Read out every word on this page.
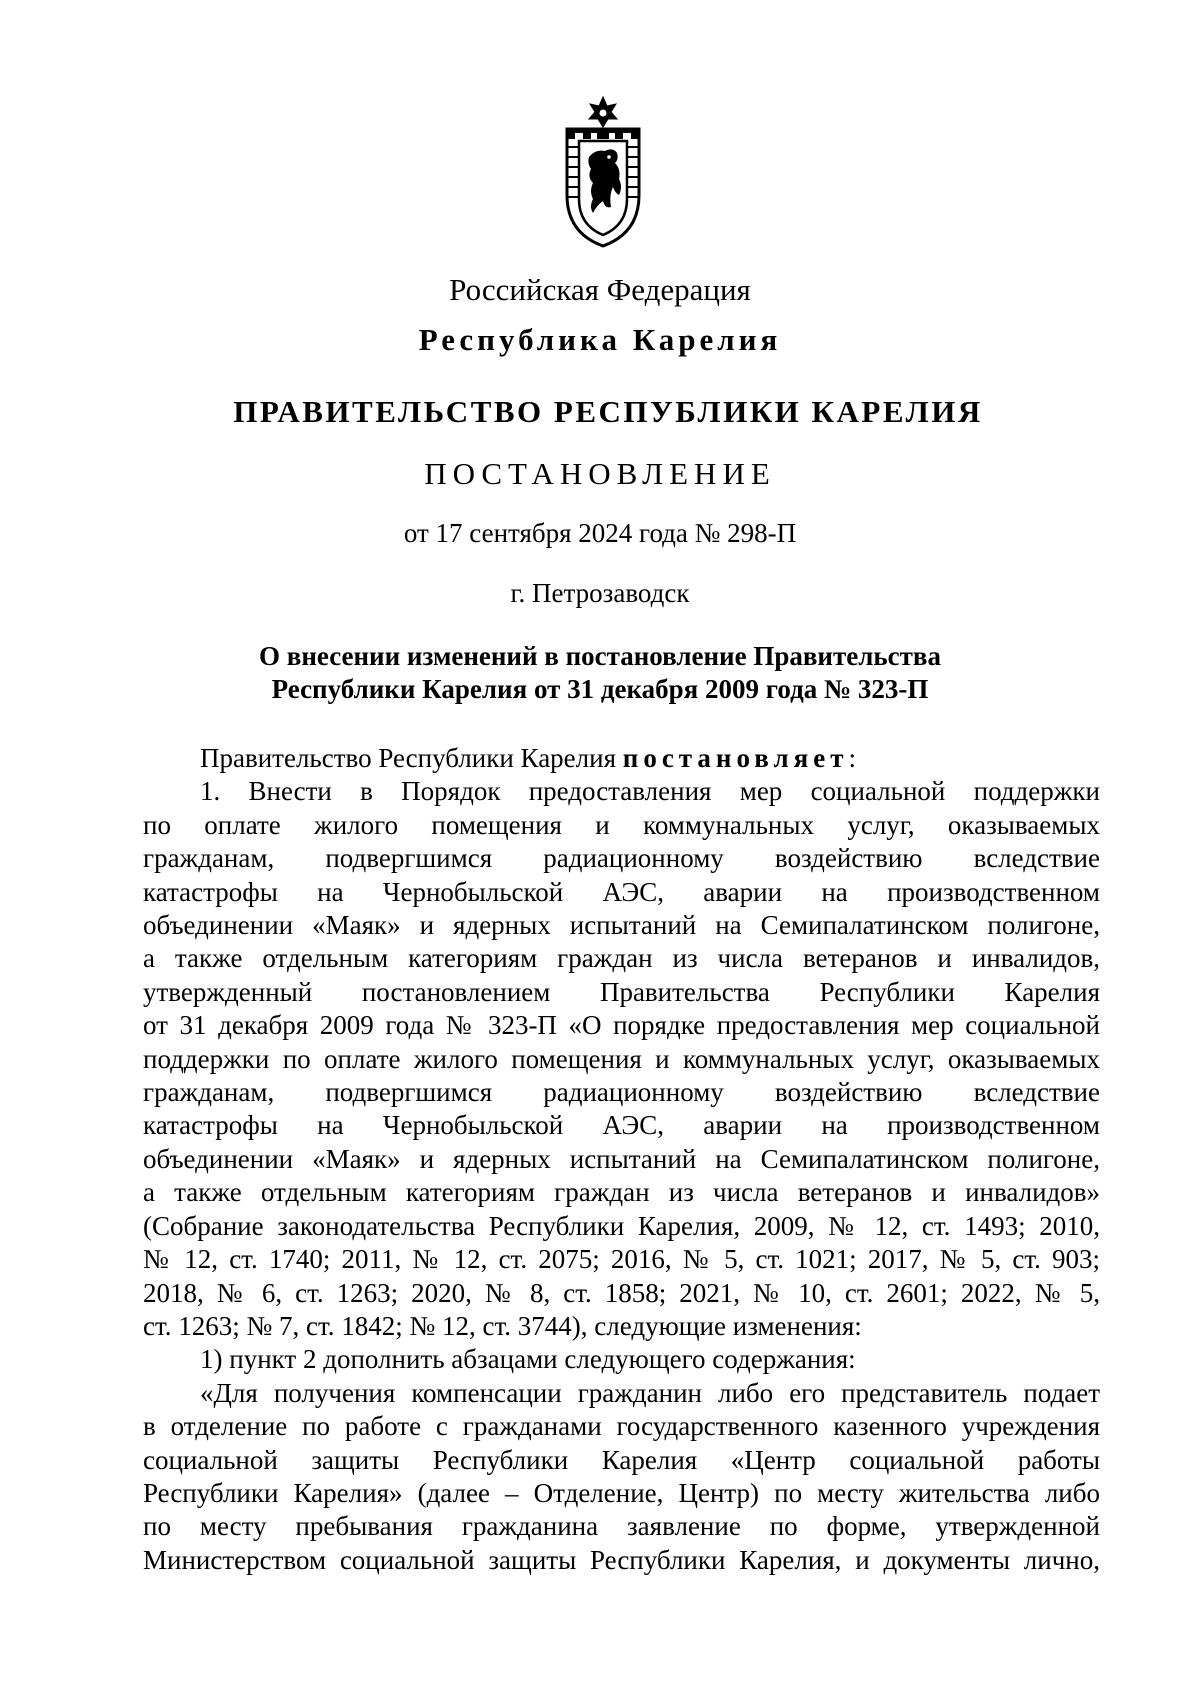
Российская Федерация
Республика Карелия
ПРАВИТЕЛЬСТВО РЕСПУБЛИКИ КАРЕЛИЯ
ПОСТАНОВЛЕНИЕ
от 17 сентября 2024 года № 298-П
г. Петрозаводск
О внесении изменений в постановление Правительства
Республики Карелия от 31 декабря 2009 года № 323-П
Правительство Республики Карелия постановляет:
1. Внести в Порядок предоставления мер социальной поддержки
по оплате жилого помещения и коммунальных услуг, оказываемых
гражданам, подвергшимся радиационному воздействию вследствие
катастрофы на Чернобыльской АЭС, аварии на производственном
объединении «Маяк» и ядерных испытаний на Семипалатинском полигоне,
а также отдельным категориям граждан из числа ветеранов и инвалидов,
утвержденный постановлением Правительства Республики Карелия
от 31 декабря 2009 года № 323-П «О порядке предоставления мер социальной
поддержки по оплате жилого помещения и коммунальных услуг, оказываемых
гражданам, подвергшимся радиационному воздействию вследствие
катастрофы на Чернобыльской АЭС, аварии на производственном
объединении «Маяк» и ядерных испытаний на Семипалатинском полигоне,
а также отдельным категориям граждан из числа ветеранов и инвалидов»
(Собрание законодательства Республики Карелия, 2009, № 12, ст. 1493; 2010,
№ 12, ст. 1740; 2011, № 12, ст. 2075; 2016, № 5, ст. 1021; 2017, № 5, ст. 903;
2018, № 6, ст. 1263; 2020, № 8, ст. 1858; 2021, № 10, ст. 2601; 2022, № 5,
ст. 1263; № 7, ст. 1842; № 12, ст. 3744), следующие изменения:
1) пункт 2 дополнить абзацами следующего содержания:
«Для получения компенсации гражданин либо его представитель подает
в отделение по работе с гражданами государственного казенного учреждения
социальной защиты Республики Карелия «Центр социальной работы
Республики Карелия» (далее – Отделение, Центр) по месту жительства либо
по месту пребывания гражданина заявление по форме, утвержденной
Министерством социальной защиты Республики Карелия, и документы лично,
